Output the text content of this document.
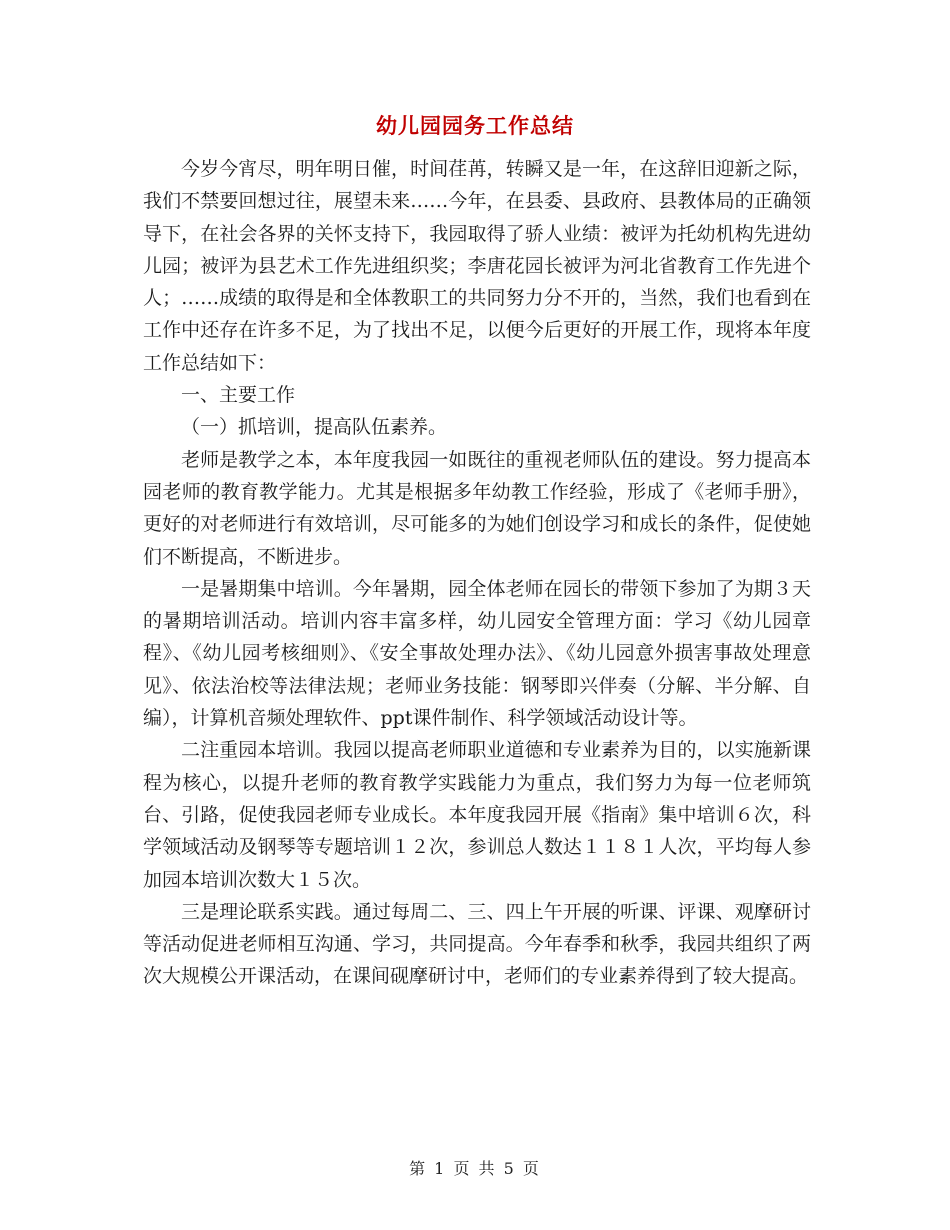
幼儿园园务工作总结

今岁今宵尽，明年明日催，时间荏苒，转瞬又是一年，在这辞旧迎新之际，我们不禁要回想过往，展望未来……今年，在县委、县政府、县教体局的正确领导下，在社会各界的关怀支持下，我园取得了骄人业绩：被评为托幼机构先进幼儿园；被评为县艺术工作先进组织奖；李唐花园长被评为河北省教育工作先进个人；……成绩的取得是和全体教职工的共同努力分不开的，当然，我们也看到在工作中还存在许多不足，为了找出不足，以便今后更好的开展工作，现将本年度工作总结如下：

一、主要工作

（一）抓培训，提高队伍素养。

老师是教学之本，本年度我园一如既往的重视老师队伍的建设。努力提高本园老师的教育教学能力。尤其是根据多年幼教工作经验，形成了《老师手册》，更好的对老师进行有效培训，尽可能多的为她们创设学习和成长的条件，促使她们不断提高，不断进步。

一是暑期集中培训。今年暑期，园全体老师在园长的带领下参加了为期３天的暑期培训活动。培训内容丰富多样，幼儿园安全管理方面：学习《幼儿园章程》、《幼儿园考核细则》、《安全事故处理办法》、《幼儿园意外损害事故处理意见》、依法治校等法律法规；老师业务技能：钢琴即兴伴奏（分解、半分解、自编），计算机音频处理软件、ppt课件制作、科学领域活动设计等。

二注重园本培训。我园以提高老师职业道德和专业素养为目的，以实施新课程为核心，以提升老师的教育教学实践能力为重点，我们努力为每一位老师筑台、引路，促使我园老师专业成长。本年度我园开展《指南》集中培训６次，科学领域活动及钢琴等专题培训１２次，参训总人数达１１８１人次，平均每人参加园本培训次数大１５次。

三是理论联系实践。通过每周二、三、四上午开展的听课、评课、观摩研讨等活动促进老师相互沟通、学习，共同提高。今年春季和秋季，我园共组织了两次大规模公开课活动，在课间砚摩研讨中，老师们的专业素养得到了较大提高。

第 1 页 共 5 页
